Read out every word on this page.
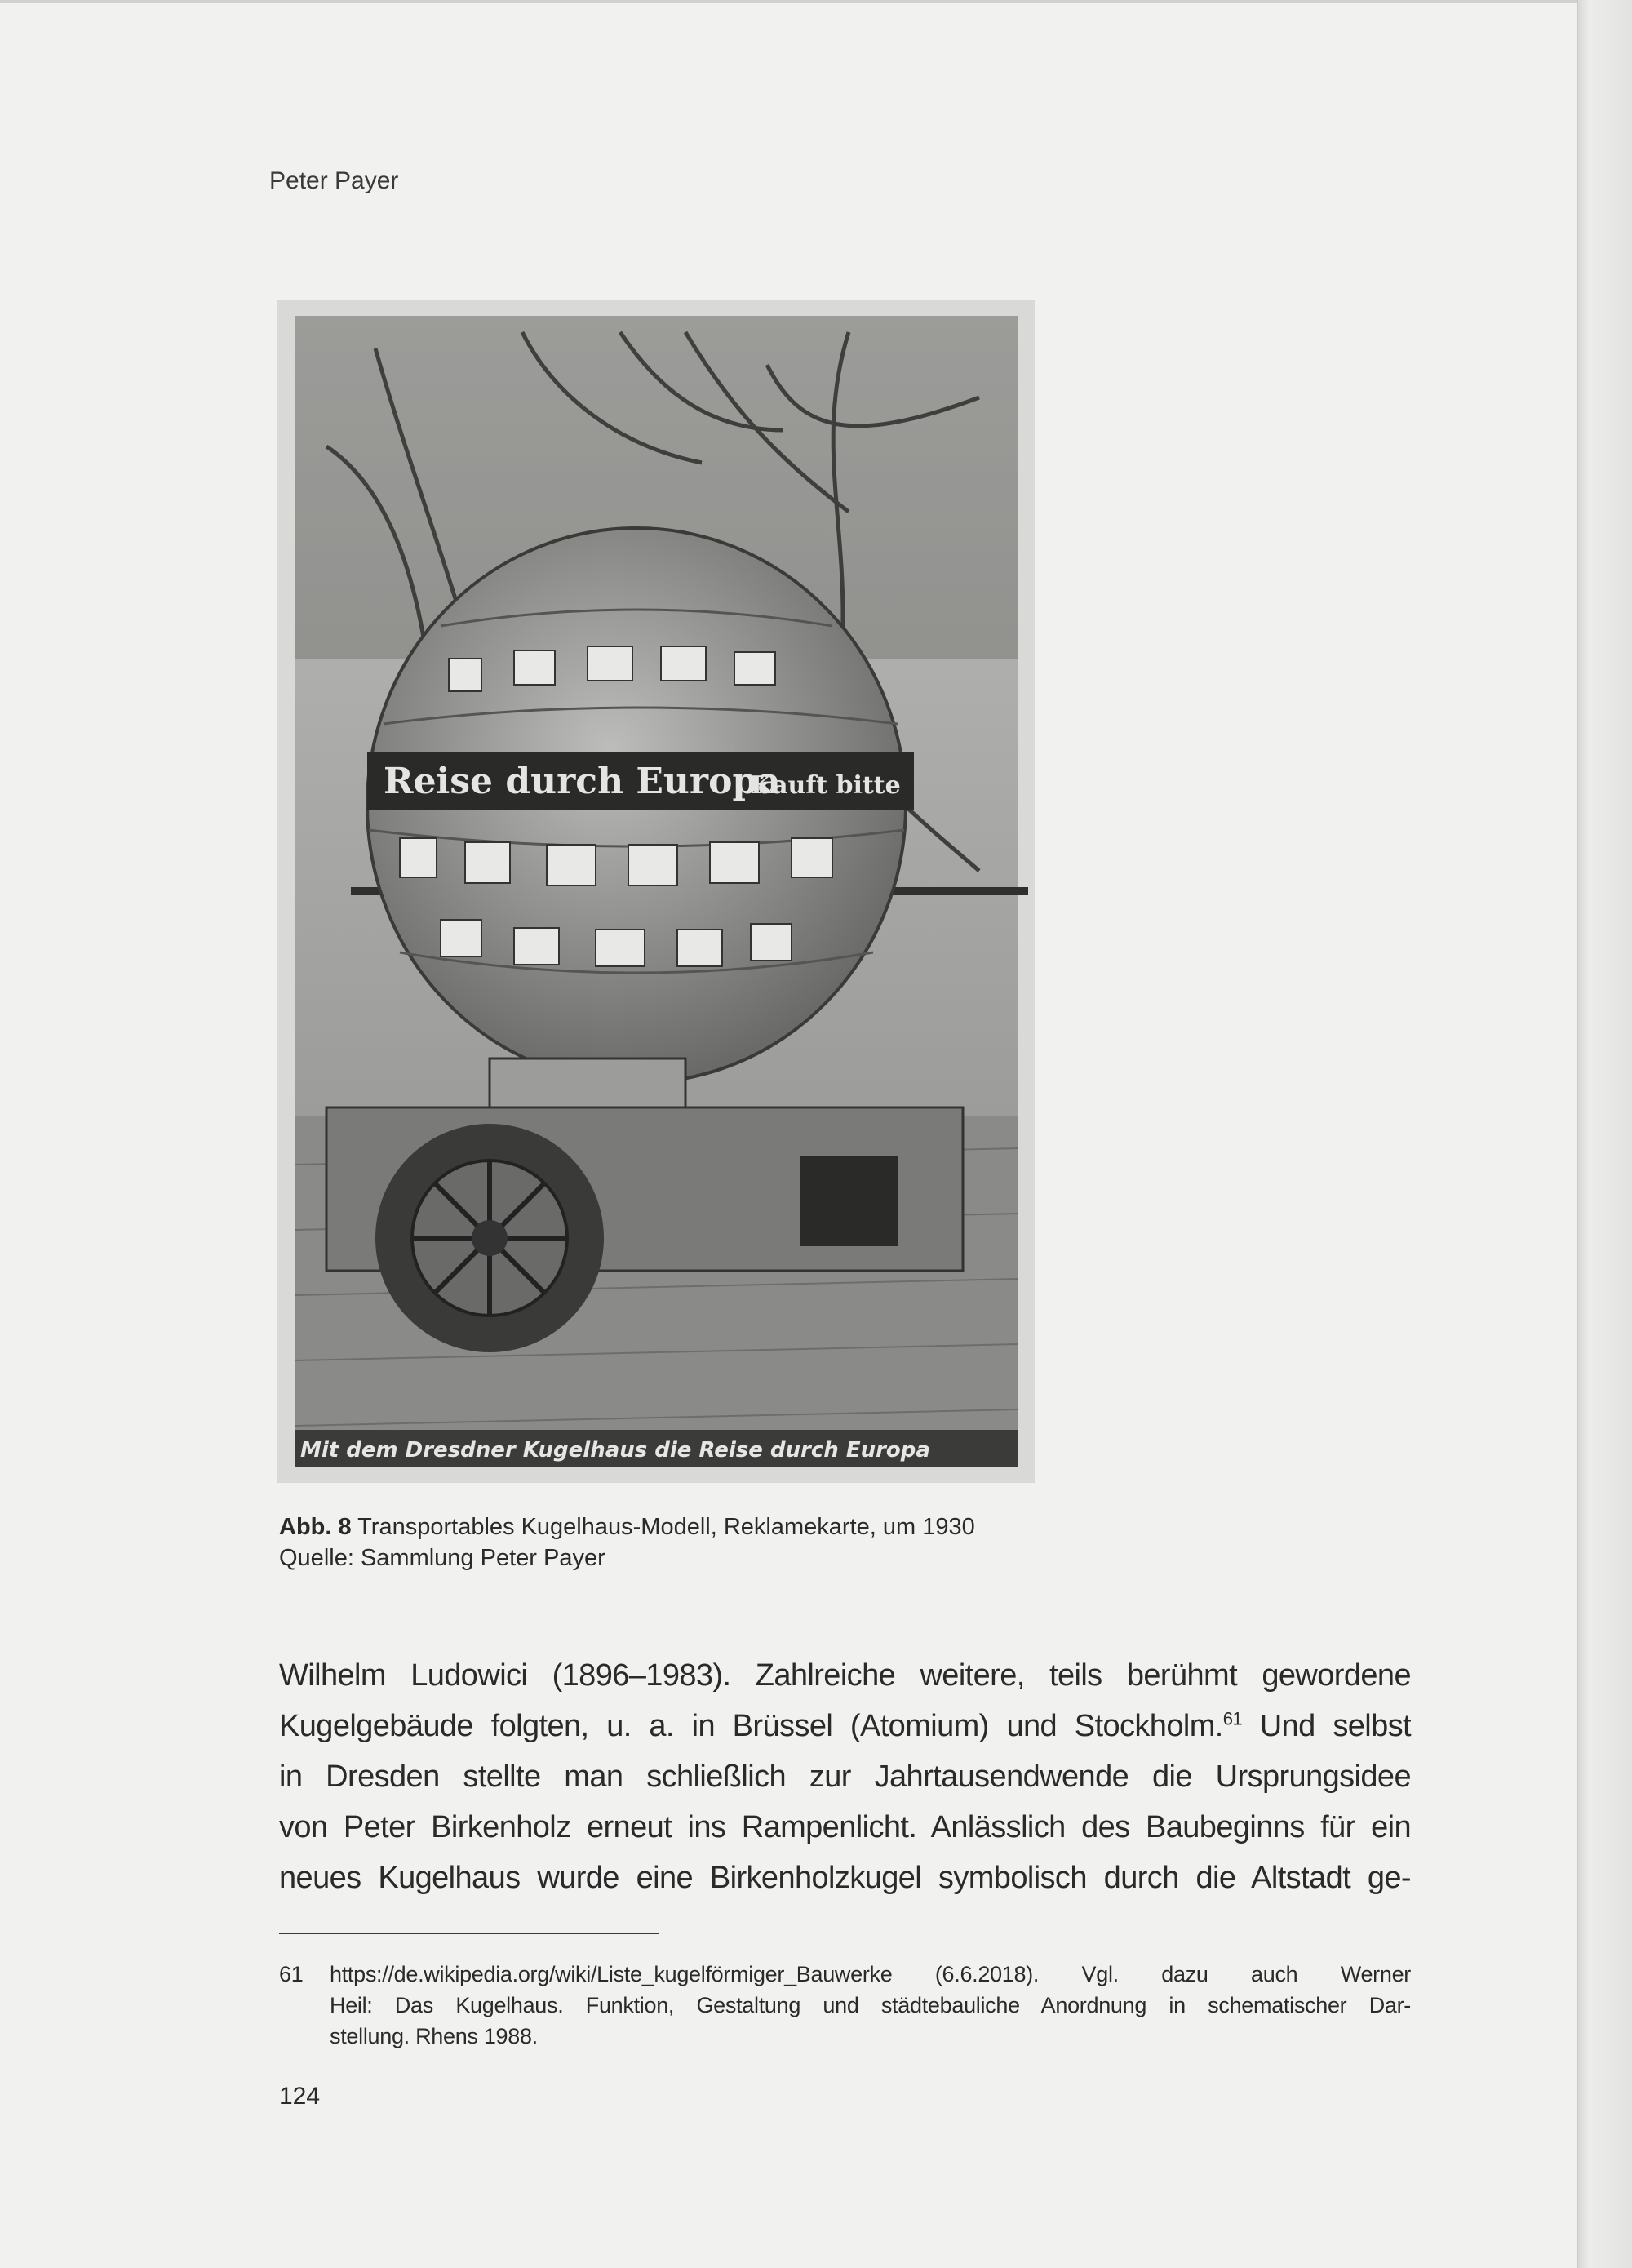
Peter Payer
Reise durch Europa
Kauft bitte
Mit dem Dresdner Kugelhaus die Reise durch Europa
Abb. 8 Transportables Kugelhaus-Modell, Reklamekarte, um 1930
Quelle: Sammlung Peter Payer
Wilhelm Ludowici (1896–1983). Zahlreiche weitere, teils berühmt gewordene
Kugelgebäude folgten, u. a. in Brüssel (Atomium) und Stockholm.$^{61}$ Und selbst
in Dresden stellte man schließlich zur Jahrtausendwende die Ursprungsidee
von Peter Birkenholz erneut ins Rampenlicht. Anlässlich des Baubeginns für ein
neues Kugelhaus wurde eine Birkenholzkugel symbolisch durch die Altstadt ge-
61 https://de.wikipedia.org/wiki/Liste_kugelförmiger_Bauwerke (6.6.2018). Vgl. dazu auch Werner
Heil: Das Kugelhaus. Funktion, Gestaltung und städtebauliche Anordnung in schematischer Dar-
stellung. Rhens 1988.
124
